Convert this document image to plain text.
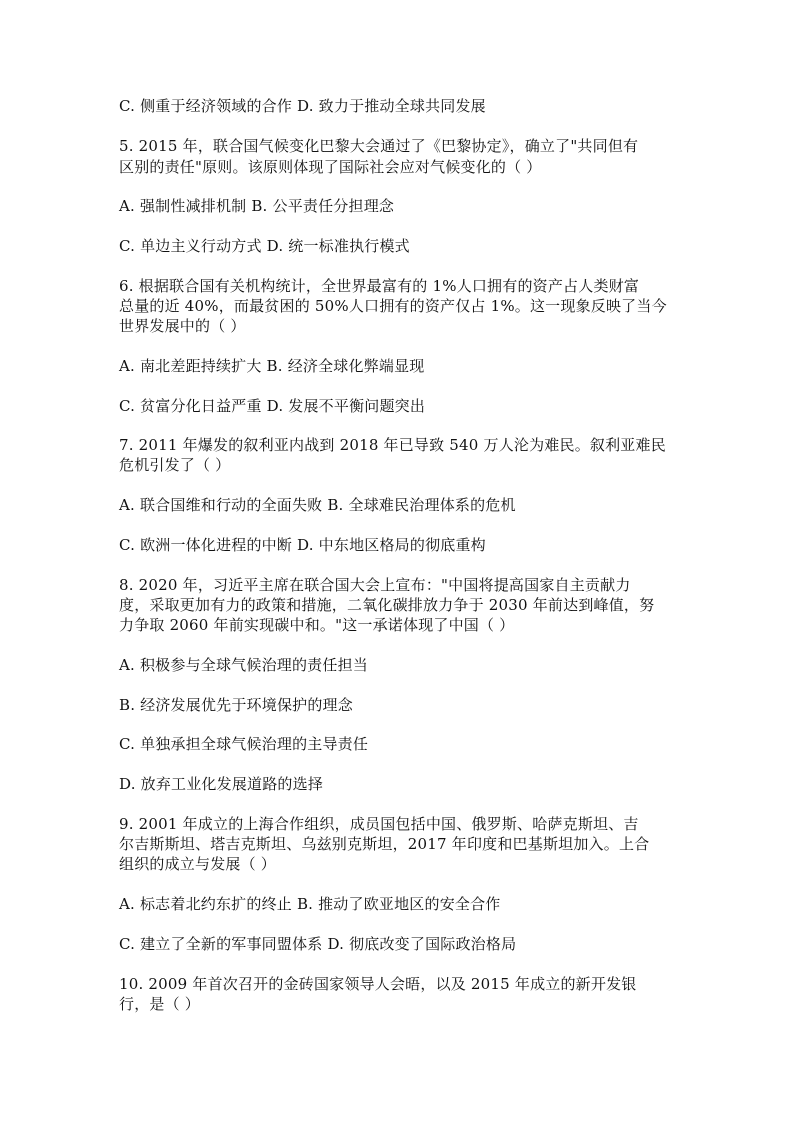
C. 侧重于经济领域的合作 D. 致力于推动全球共同发展
5. 2015 年，联合国气候变化巴黎大会通过了《巴黎协定》，确立了"共同但有
区别的责任"原则。该原则体现了国际社会应对气候变化的（ ）
A. 强制性减排机制 B. 公平责任分担理念
C. 单边主义行动方式 D. 统一标准执行模式
6. 根据联合国有关机构统计，全世界最富有的 1%人口拥有的资产占人类财富
总量的近 40%，而最贫困的 50%人口拥有的资产仅占 1%。这一现象反映了当今
世界发展中的（ ）
A. 南北差距持续扩大 B. 经济全球化弊端显现
C. 贫富分化日益严重 D. 发展不平衡问题突出
7. 2011 年爆发的叙利亚内战到 2018 年已导致 540 万人沦为难民。叙利亚难民
危机引发了（ ）
A. 联合国维和行动的全面失败 B. 全球难民治理体系的危机
C. 欧洲一体化进程的中断 D. 中东地区格局的彻底重构
8. 2020 年，习近平主席在联合国大会上宣布："中国将提高国家自主贡献力
度，采取更加有力的政策和措施，二氧化碳排放力争于 2030 年前达到峰值，努
力争取 2060 年前实现碳中和。"这一承诺体现了中国（ ）
A. 积极参与全球气候治理的责任担当
B. 经济发展优先于环境保护的理念
C. 单独承担全球气候治理的主导责任
D. 放弃工业化发展道路的选择
9. 2001 年成立的上海合作组织，成员国包括中国、俄罗斯、哈萨克斯坦、吉
尔吉斯斯坦、塔吉克斯坦、乌兹别克斯坦，2017 年印度和巴基斯坦加入。上合
组织的成立与发展（ ）
A. 标志着北约东扩的终止 B. 推动了欧亚地区的安全合作
C. 建立了全新的军事同盟体系 D. 彻底改变了国际政治格局
10. 2009 年首次召开的金砖国家领导人会晤，以及 2015 年成立的新开发银
行，是（ ）
